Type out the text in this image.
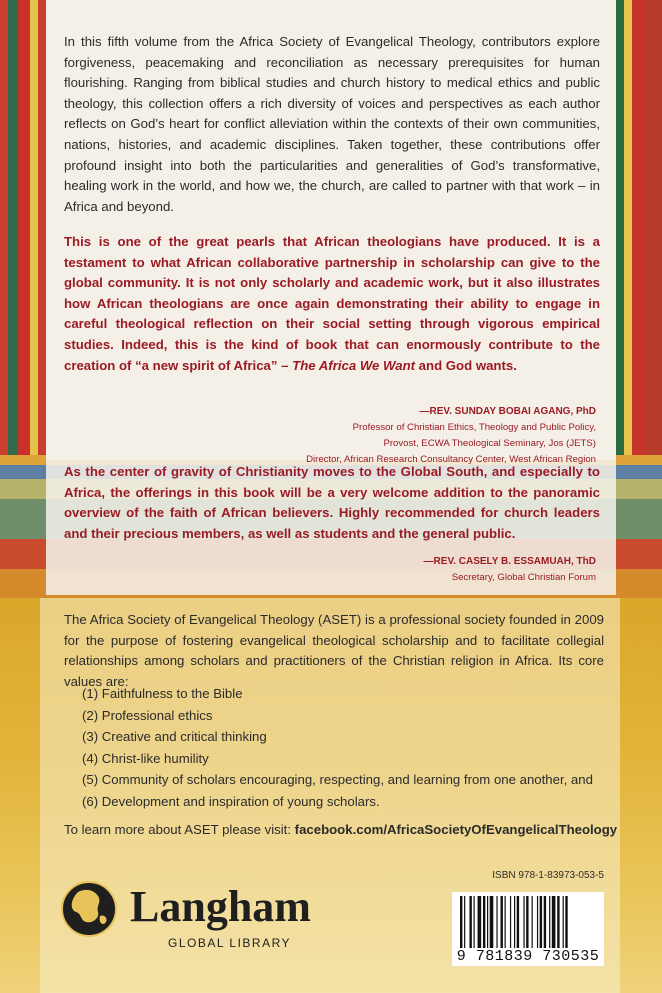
In this fifth volume from the Africa Society of Evangelical Theology, contributors explore forgiveness, peacemaking and reconciliation as necessary prerequisites for human flourishing. Ranging from biblical studies and church history to medical ethics and public theology, this collection offers a rich diversity of voices and perspectives as each author reflects on God’s heart for conflict alleviation within the contexts of their own communities, nations, histories, and academic disciplines. Taken together, these contributions offer profound insight into both the particularities and generalities of God’s transformative, healing work in the world, and how we, the church, are called to partner with that work – in Africa and beyond.
This is one of the great pearls that African theologians have produced. It is a testament to what African collaborative partnership in scholarship can give to the global community. It is not only scholarly and academic work, but it also illustrates how African theologians are once again demonstrating their ability to engage in careful theological reflection on their social setting through vigorous empirical studies. Indeed, this is the kind of book that can enormously contribute to the creation of “a new spirit of Africa” – The Africa We Want and God wants.
—REV. SUNDAY BOBAI AGANG, PhD
Professor of Christian Ethics, Theology and Public Policy,
Provost, ECWA Theological Seminary, Jos (JETS)
Director, African Research Consultancy Center, West African Region
As the center of gravity of Christianity moves to the Global South, and especially to Africa, the offerings in this book will be a very welcome addition to the panoramic overview of the faith of African believers. Highly recommended for church leaders and their precious members, as well as students and the general public.
—REV. CASELY B. ESSAMUAH, ThD
Secretary, Global Christian Forum
The Africa Society of Evangelical Theology (ASET) is a professional society founded in 2009 for the purpose of fostering evangelical theological scholarship and to facilitate collegial relationships among scholars and practitioners of the Christian religion in Africa. Its core values are:
(1) Faithfulness to the Bible
(2) Professional ethics
(3) Creative and critical thinking
(4) Christ-like humility
(5) Community of scholars encouraging, respecting, and learning from one another, and
(6) Development and inspiration of young scholars.
To learn more about ASET please visit: facebook.com/AfricaSocietyOfEvangelicalTheology
Langham
GLOBAL LIBRARY
ISBN 978-1-83973-053-5
9 781839 730535
